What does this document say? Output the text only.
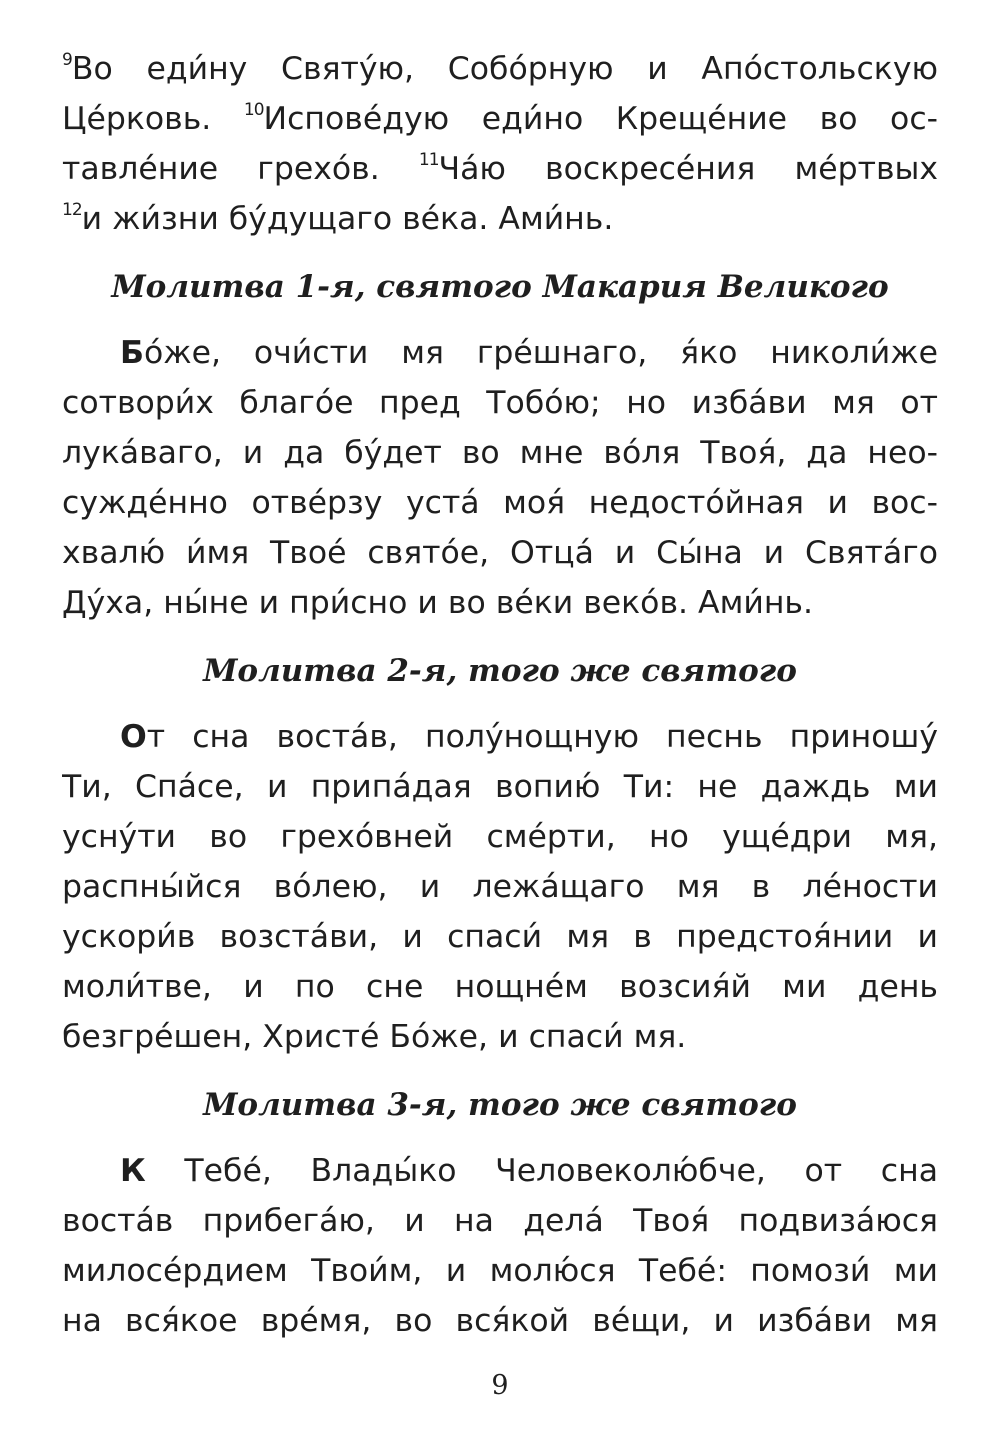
$^9$Во еди́ну Святу́ю, Собо́рную и Апо́стольскую
Це́рковь. $^{10}$Испове́дую еди́но Креще́ние во ос-
тавле́ние грехо́в. $^{11}$Ча́ю воскресе́ния ме́ртвых
$^{12}$и жи́зни бу́дущаго ве́ка. Ами́нь.
Молитва 1-я, святого Макария Великого
Бо́же, очи́сти мя гре́шнаго, я́ко николи́же
сотвори́х благо́е пред Тобо́ю; но изба́ви мя от
лука́ваго, и да бу́дет во мне во́ля Твоя́, да нео-
сужде́нно отве́рзу уста́ моя́ недосто́йная и вос-
хвалю́ и́мя Твое́ свято́е, Отца́ и Сы́на и Свята́го
Ду́ха, ны́не и при́сно и во ве́ки веко́в. Ами́нь.
Молитва 2-я, того же святого
От сна воста́в, полу́нощную песнь приношу́
Ти, Спа́се, и припа́дая вопию́ Ти: не даждь ми
усну́ти во грехо́вней сме́рти, но уще́дри мя,
распны́йся во́лею, и лежа́щаго мя в ле́ности
ускори́в возста́ви, и спаси́ мя в предстоя́нии и
моли́тве, и по сне нощне́м возсия́й ми день
безгре́шен, Христе́ Бо́же, и спаси́ мя.
Молитва 3-я, того же святого
К Тебе́, Влады́ко Человеколю́бче, от сна
воста́в прибега́ю, и на дела́ Твоя́ подвиза́юся
милосе́рдием Твои́м, и молю́ся Тебе́: помози́ ми
на вся́кое вре́мя, во вся́кой ве́щи, и изба́ви мя
9
